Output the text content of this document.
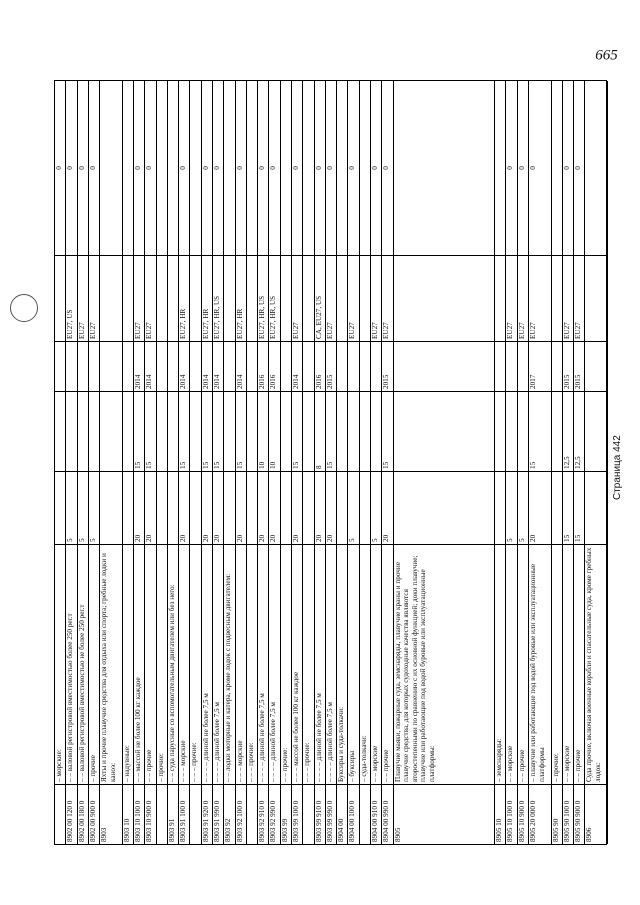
– морские:
0
8902 00 120 0
– – валовой регистровой вместимостью более 250 рег.т
5
EU27, US
0
8902 00 180 0
– – валовой регистровой вместимостью не более 250 рег.т
5
EU27
0
8902 00 900 0
– прочие
5
EU27
0
8903
Яхты и прочие плавучие средства для отдыха или спорта; гребные лодки и каноэ:
8903 10
– надувные:
8903 10 100 0
– – массой не более 100 кг каждое
20
15
2014
EU27
0
8903 10 900 0
– – прочие
20
15
2014
EU27
0
– прочие:
8903 91
– – суда парусные со вспомогательным двигателем или без него:
8903 91 100 0
– – – морские
20
15
2014
EU27, HR
0
– – – прочие:
8903 91 920 0
– – – – длиной не более 7,5 м
20
15
2014
EU27, HR
0
8903 91 990 0
– – – – длиной более 7,5 м
20
15
2014
EU27, HR, US
0
8903 92
– – лодки моторные и катера, кроме лодок с подвесным двигателем:
8903 92 100 0
– – – морские
20
15
2014
EU27, HR
0
– – – прочие:
8903 92 910 0
– – – – длиной не более 7,5 м
20
10
2016
EU27, HR, US
0
8903 92 990 0
– – – – длиной более 7,5 м
20
10
2016
EU27, HR, US
0
8903 99
– – прочие:
8903 99 100 0
– – – массой не более 100 кг каждое
20
15
2014
EU27
0
– – – прочие:
8903 99 910 0
– – – – длиной не более 7,5 м
20
8
2016
CA, EU27, US
0
8903 99 990 0
– – – – длиной более 7,5 м
20
15
2015
EU27
0
8904 00
Буксиры и суда-толкачи:
8904 00 100 0
– буксиры
5
EU27
0
– суда-толкачи:
8904 00 910 0
– – морские
5
EU27
0
8904 00 990 0
– – прочие
20
15
2015
EU27
0
8905
Плавучие маяки, пожарные суда, земснаряды, плавучие краны и прочие плавучие средства, для которых судоходные качества являются второстепенными по сравнению с их основной функцией; доки плавучие; плавучие или работающие под водой буровые или эксплуатационные платформы:
8905 10
– земснаряды:
8905 10 100 0
– – морские
5
EU27
0
8905 10 900 0
– – прочие
5
EU27
0
8905 20 000 0
– плавучие или работающие под водой буровые или эксплуатационные платформы
20
15
2017
EU27
0
8905 90
– прочие:
8905 90 100 0
– – морские
15
12,5
2015
EU27
0
8905 90 900 0
– – прочие
15
12,5
2015
EU27
0
8906
Суда прочие, включая военные корабли и спасательные суда, кроме гребных лодок:
Страница 442
665
